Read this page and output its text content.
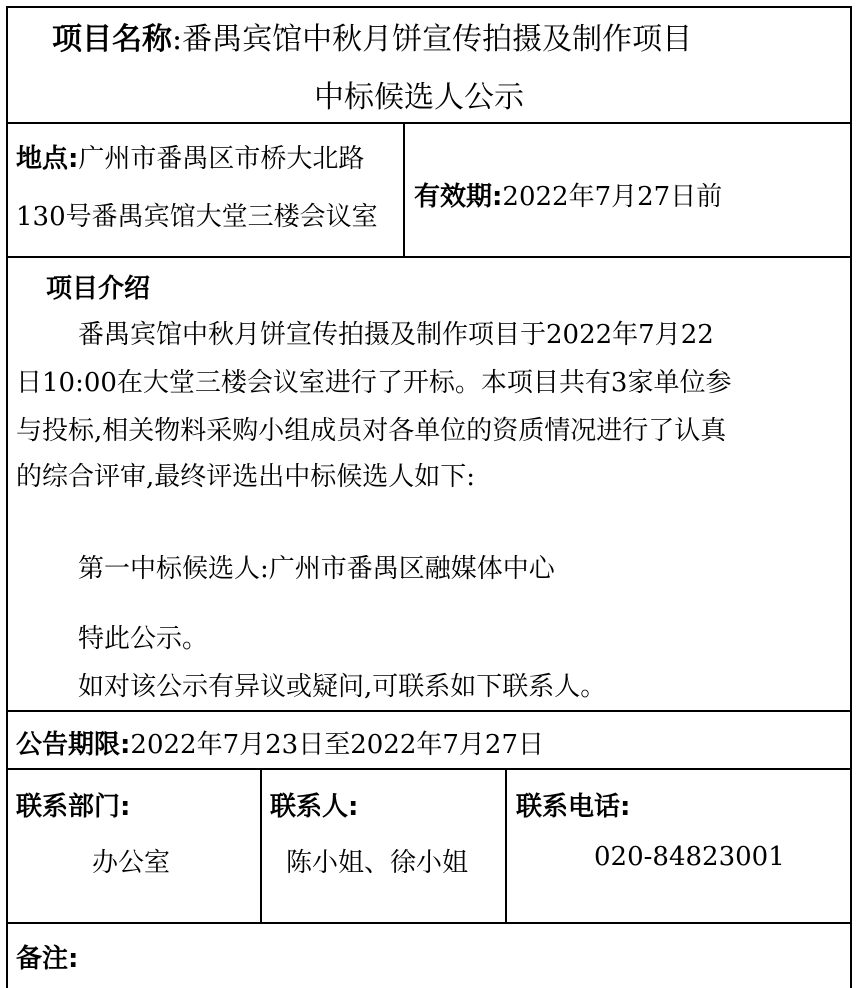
项目名称:番禺宾馆中秋月饼宣传拍摄及制作项目
中标候选人公示
地点:广州市番禺区市桥大北路
130号番禺宾馆大堂三楼会议室
有效期:2022年7月27日前
项目介绍
番禺宾馆中秋月饼宣传拍摄及制作项目于2022年7月22
日10:00在大堂三楼会议室进行了开标。本项目共有3家单位参
与投标,相关物料采购小组成员对各单位的资质情况进行了认真
的综合评审,最终评选出中标候选人如下:
第一中标候选人:广州市番禺区融媒体中心
特此公示。
如对该公示有异议或疑问,可联系如下联系人。
公告期限:2022年7月23日至2022年7月27日
联系部门:
办公室
联系人:
陈小姐、徐小姐
联系电话:
020-84823001
备注:
